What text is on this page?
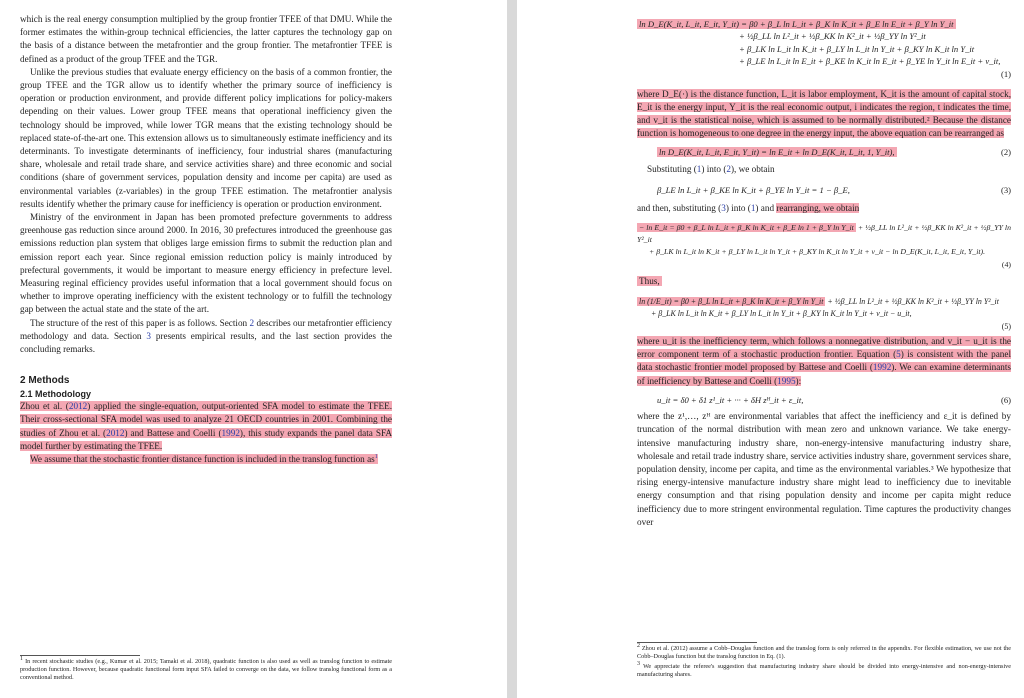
which is the real energy consumption multiplied by the group frontier TFEE of that DMU. While the former estimates the within-group technical efficiencies, the latter captures the technology gap on the basis of a distance between the metafrontier and the group frontier. The metafrontier TFEE is defined as a product of the group TFEE and the TGR.

Unlike the previous studies that evaluate energy efficiency on the basis of a common frontier, the group TFEE and the TGR allow us to identify whether the primary source of inefficiency is operation or production environment, and provide different policy implications for policy-makers depending on their values. Lower group TFEE means that operational inefficiency given the technology should be improved, while lower TGR means that the existing technology should be replaced state-of-the-art one. This extension allows us to simultaneously estimate inefficiency and its determinants. To investigate determinants of inefficiency, four industrial shares (manufacturing share, wholesale and retail trade share, and service activities share) and three economic and social conditions (share of government services, population density and income per capita) are used as environmental variables (z-variables) in the group TFEE estimation. The metafrontier analysis results identify whether the primary cause for inefficiency is operation or production environment.

Ministry of the environment in Japan has been promoted prefecture governments to address greenhouse gas reduction since around 2000. In 2016, 30 prefectures introduced the greenhouse gas emissions reduction plan system that obliges large emission firms to submit the reduction plan and emission report each year. Since regional emission reduction policy is mainly introduced by prefectural governments, it would be important to measure energy efficiency in prefecture level. Measuring reginal efficiency provides useful information that a local government should focus on whether to improve operating inefficiency with the existent technology or to fulfill the technology gap between the actual state and the state of the art.

The structure of the rest of this paper is as follows. Section 2 describes our metafrontier efficiency methodology and data. Section 3 presents empirical results, and the last section provides the concluding remarks.

2 Methods
2.1 Methodology

Zhou et al. (2012) applied the single-equation, output-oriented SFA model to estimate the TFEE. Their cross-sectional SFA model was used to analyze 21 OECD countries in 2001. Combining the studies of Zhou et al. (2012) and Battese and Coelli (1992), this study expands the panel data SFA model further by estimating the TFEE.

We assume that the stochastic frontier distance function is included in the translog function as$^1$

$^1$ In recent stochastic studies (e.g., Kumar et al. 2015; Tamaki et al. 2018), quadratic function is also used as well as translog function to estimate production function. However, because quadratic functional form input SFA failed to converge on the data, we follow translog functional form as a conventional method.
ln D_E(K_it, L_it, E_it, Y_it) = β0 + β_L ln L_it + β_K ln K_it + β_E ln E_it + β_Y ln Y_it
+ ½β_LL ln L²_it + ½β_KK ln K²_it + ½β_YY ln Y²_it
+ β_LK ln L_it ln K_it + β_LY ln L_it ln Y_it + β_KY ln K_it ln Y_it
+ β_LE ln L_it ln E_it + β_KE ln K_it ln E_it + β_YE ln Y_it ln E_it + v_it,
(1)

where D_E(·) is the distance function, L_it is labor employment, K_it is the amount of capital stock, E_it is the energy input, Y_it is the real economic output, i indicates the region, t indicates the time, and v_it is the statistical noise, which is assumed to be normally distributed.² Because the distance function is homogeneous to one degree in the energy input, the above equation can be rearranged as

ln D_E(K_it, L_it, E_it, Y_it) = ln E_it + ln D_E(K_it, L_it, 1, Y_it),	(2)

Substituting (1) into (2), we obtain

β_LE ln L_it + β_KE ln K_it + β_YE ln Y_it = 1 − β_E,	(3)

and then, substituting (3) into (1) and rearranging, we obtain

− ln E_it = β0 + β_L ln L_it + β_K ln K_it + β_E ln 1 + β_Y ln Y_it + ½β_LL ln L²_it + ½β_KK ln K²_it + ½β_YY ln Y²_it
+ β_LK ln L_it ln K_it + β_LY ln L_it ln Y_it + β_KY ln K_it ln Y_it + v_it − ln D_E(K_it, L_it, E_it, Y_it).
(4)

Thus,

ln (1/E_it) = β0 + β_L ln L_it + β_K ln K_it + β_Y ln Y_it + ½β_LL ln L²_it + ½β_KK ln K²_it + ½β_YY ln Y²_it
+ β_LK ln L_it ln K_it + β_LY ln L_it ln Y_it + β_KY ln K_it ln Y_it + v_it − u_it,
(5)

where u_it is the inefficiency term, which follows a nonnegative distribution, and v_it − u_it is the error component term of a stochastic production frontier. Equation (5) is consistent with the panel data stochastic frontier model proposed by Battese and Coelli (1992). We can examine determinants of inefficiency by Battese and Coelli (1995):

u_it = δ0 + δ1 z¹_it + ··· + δH zᴴ_it + ε_it,	(6)

where the z¹,…, zᴴ are environmental variables that affect the inefficiency and ε_it is defined by truncation of the normal distribution with mean zero and unknown variance. We take energy-intensive manufacturing industry share, non-energy-intensive manufacturing industry share, wholesale and retail trade industry share, service activities industry share, government services share, population density, income per capita, and time as the environmental variables.³ We hypothesize that rising energy-intensive manufacture industry share might lead to inefficiency due to inevitable energy consumption and that rising population density and income per capita might reduce inefficiency due to more stringent environmental regulation. Time captures the productivity changes over

$^2$ Zhou et al. (2012) assume a Cobb–Douglas function and the translog form is only referred in the appendix. For flexible estimation, we use not the Cobb–Douglas function but the translog function in Eq. (1).
$^3$ We appreciate the referee's suggestion that manufacturing industry share should be divided into energy-intensive and non-energy-intensive manufacturing shares.
